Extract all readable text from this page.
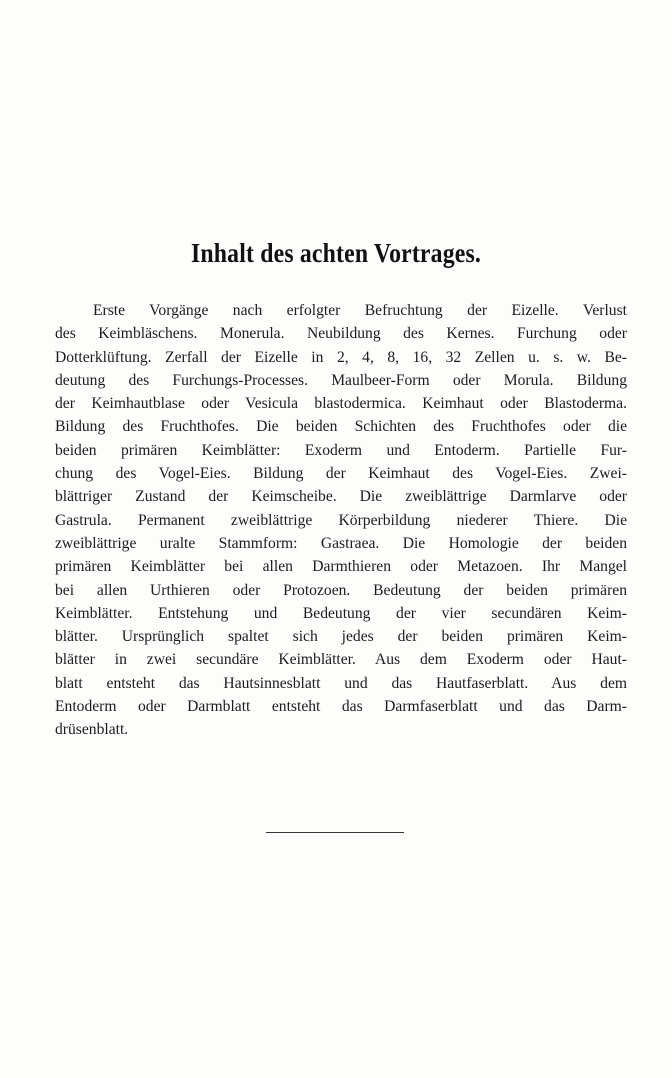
Inhalt des achten Vortrages.
Erste Vorgänge nach erfolgter Befruchtung der Eizelle. Verlust
des Keimbläschens. Monerula. Neubildung des Kernes. Furchung oder
Dotterklüftung. Zerfall der Eizelle in 2, 4, 8, 16, 32 Zellen u. s. w. Be-
deutung des Furchungs-Processes. Maulbeer-Form oder Morula. Bildung
der Keimhautblase oder Vesicula blastodermica. Keimhaut oder Blastoderma.
Bildung des Fruchthofes. Die beiden Schichten des Fruchthofes oder die
beiden primären Keimblätter: Exoderm und Entoderm. Partielle Fur-
chung des Vogel-Eies. Bildung der Keimhaut des Vogel-Eies. Zwei-
blättriger Zustand der Keimscheibe. Die zweiblättrige Darmlarve oder
Gastrula. Permanent zweiblättrige Körperbildung niederer Thiere. Die
zweiblättrige uralte Stammform: Gastraea. Die Homologie der beiden
primären Keimblätter bei allen Darmthieren oder Metazoen. Ihr Mangel
bei allen Urthieren oder Protozoen. Bedeutung der beiden primären
Keimblätter. Entstehung und Bedeutung der vier secundären Keim-
blätter. Ursprünglich spaltet sich jedes der beiden primären Keim-
blätter in zwei secundäre Keimblätter. Aus dem Exoderm oder Haut-
blatt entsteht das Hautsinnesblatt und das Hautfaserblatt. Aus dem
Entoderm oder Darmblatt entsteht das Darmfaserblatt und das Darm-
drüsenblatt.
